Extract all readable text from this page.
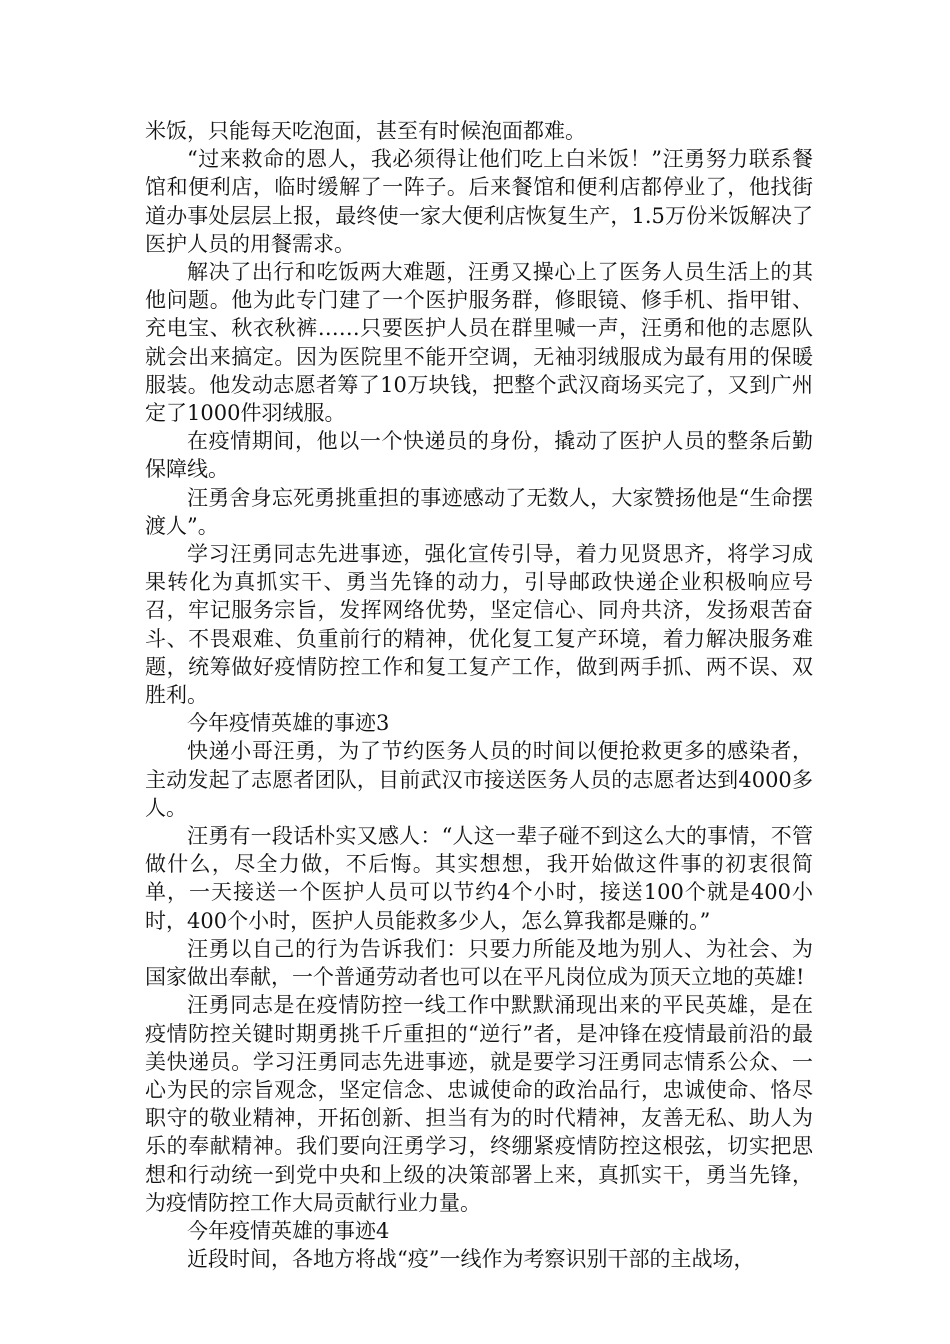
米饭，只能每天吃泡面，甚至有时候泡面都难。

“过来救命的恩人，我必须得让他们吃上白米饭！”汪勇努力联系餐馆和便利店，临时缓解了一阵子。后来餐馆和便利店都停业了，他找街道办事处层层上报，最终使一家大便利店恢复生产，1.5万份米饭解决了医护人员的用餐需求。

解决了出行和吃饭两大难题，汪勇又操心上了医务人员生活上的其他问题。他为此专门建了一个医护服务群，修眼镜、修手机、指甲钳、充电宝、秋衣秋裤……只要医护人员在群里喊一声，汪勇和他的志愿队就会出来搞定。因为医院里不能开空调，无袖羽绒服成为最有用的保暖服装。他发动志愿者筹了10万块钱，把整个武汉商场买完了，又到广州定了1000件羽绒服。

在疫情期间，他以一个快递员的身份，撬动了医护人员的整条后勤保障线。

汪勇舍身忘死勇挑重担的事迹感动了无数人，大家赞扬他是“生命摆渡人”。

学习汪勇同志先进事迹，强化宣传引导，着力见贤思齐，将学习成果转化为真抓实干、勇当先锋的动力，引导邮政快递企业积极响应号召，牢记服务宗旨，发挥网络优势，坚定信心、同舟共济，发扬艰苦奋斗、不畏艰难、负重前行的精神，优化复工复产环境，着力解决服务难题，统筹做好疫情防控工作和复工复产工作，做到两手抓、两不误、双胜利。

今年疫情英雄的事迹3

快递小哥汪勇，为了节约医务人员的时间以便抢救更多的感染者，主动发起了志愿者团队，目前武汉市接送医务人员的志愿者达到4000多人。

汪勇有一段话朴实又感人：“人这一辈子碰不到这么大的事情，不管做什么，尽全力做，不后悔。其实想想，我开始做这件事的初衷很简单，一天接送一个医护人员可以节约4个小时，接送100个就是400小时，400个小时，医护人员能救多少人，怎么算我都是赚的。”

汪勇以自己的行为告诉我们：只要力所能及地为别人、为社会、为国家做出奉献，一个普通劳动者也可以在平凡岗位成为顶天立地的英雄!

汪勇同志是在疫情防控一线工作中默默涌现出来的平民英雄，是在疫情防控关键时期勇挑千斤重担的“逆行”者，是冲锋在疫情最前沿的最美快递员。学习汪勇同志先进事迹，就是要学习汪勇同志情系公众、一心为民的宗旨观念，坚定信念、忠诚使命的政治品行，忠诚使命、恪尽职守的敬业精神，开拓创新、担当有为的时代精神，友善无私、助人为乐的奉献精神。我们要向汪勇学习，终绷紧疫情防控这根弦，切实把思想和行动统一到党中央和上级的决策部署上来，真抓实干，勇当先锋，为疫情防控工作大局贡献行业力量。

今年疫情英雄的事迹4

近段时间，各地方将战“疫”一线作为考察识别干部的主战场，
